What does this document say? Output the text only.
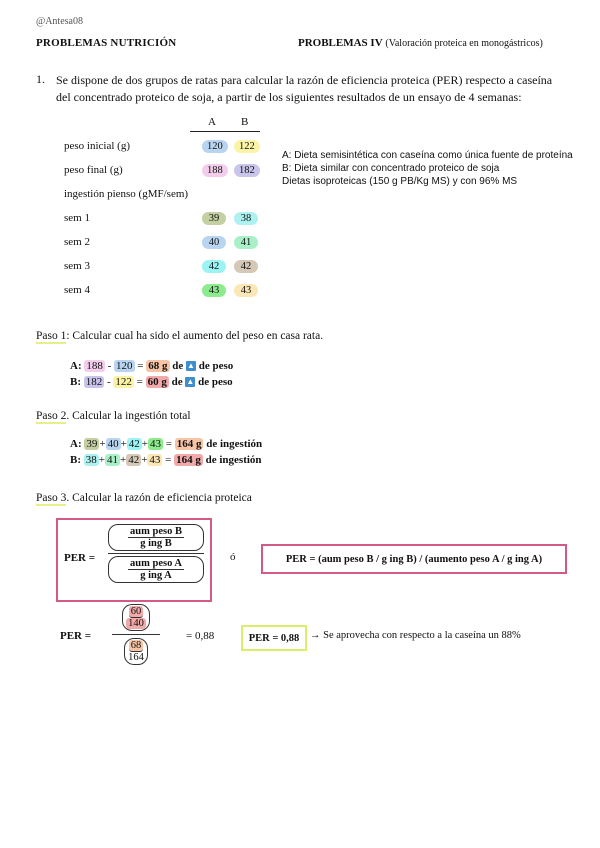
@Antesa08
PROBLEMAS NUTRICIÓN	PROBLEMAS IV (Valoración proteica en monogástricos)
1. Se dispone de dos grupos de ratas para calcular la razón de eficiencia proteica (PER) respecto a caseína del concentrado proteico de soja, a partir de los siguientes resultados de un ensayo de 4 semanas:
A B
peso inicial (g)	120	122
peso final (g)	188	182
ingestión pienso (gMF/sem)
sem 1	39	38
sem 2	40	41
sem 3	42	42
sem 4	43	43
A: Dieta semisintética con caseína como única fuente de proteína
B: Dieta similar con concentrado proteico de soja
Dietas isoproteicas (150 g PB/Kg MS) y con 96% MS
Paso 1: Calcular cual ha sido el aumento del peso en casa rata.
A: 188 - 120 = 68 g de ▲ de peso
B: 182 - 122 = 60 g de ▲ de peso
Paso 2. Calcular la ingestión total
A: 39 + 40 + 42 + 43 = 164 g de ingestión
B: 38 + 41 + 42 + 43 = 164 g de ingestión
Paso 3. Calcular la razón de eficiencia proteica
PER =
aum peso B
g ing B
aum peso A
g ing A
ó	PER = (aum peso B / g ing B) / (aumento peso A / g ing A)
PER =
$\frac{60}{140}$
$\frac{68}{164}$
= 0,88	PER = 0,88	→ Se aprovecha con respecto a la caseína un 88%
